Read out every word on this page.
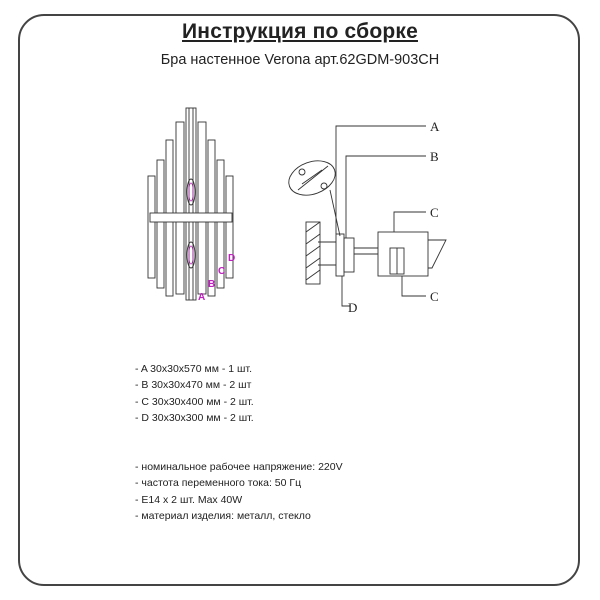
Инструкция по сборке
Бра настенное Verona арт.62GDM-903CH
D
C
B
A
A
B
C
D
C
- A 30x30x570 мм - 1 шт.
- B 30x30x470 мм - 2 шт
- C 30x30x400 мм - 2 шт.
- D 30x30x300 мм - 2 шт.
- номинальное рабочее напряжение: 220V
- частота переменного тока: 50 Гц
- E14 x 2 шт. Max 40W
- материал изделия: металл, стекло
